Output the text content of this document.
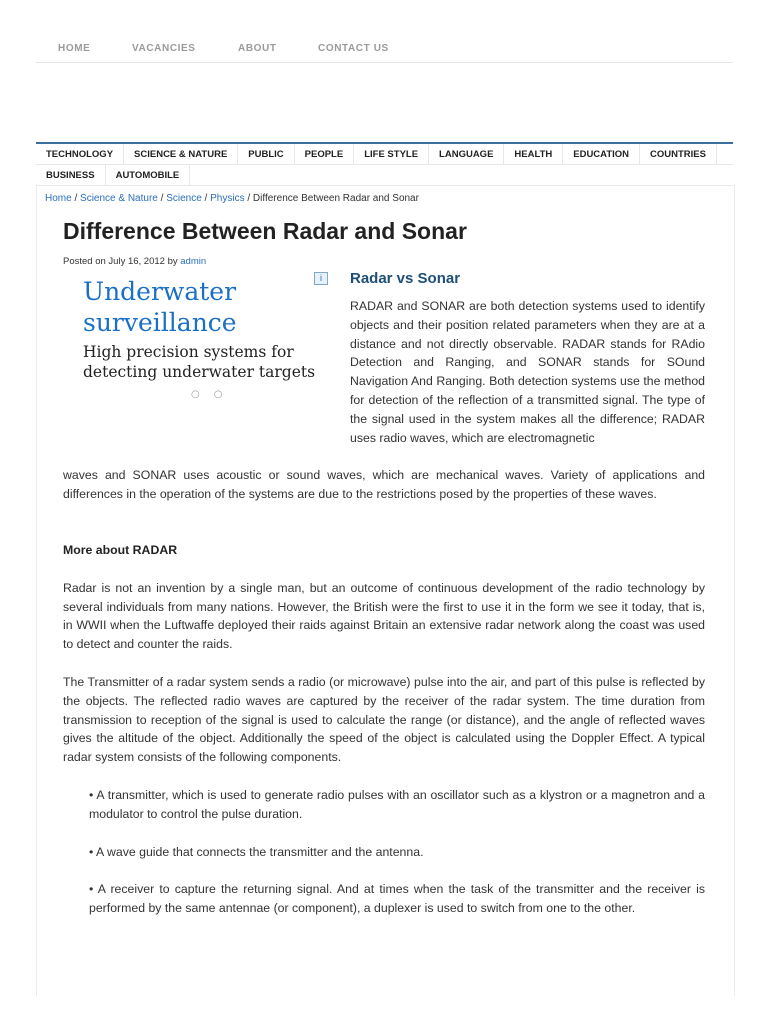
HOME	VACANCIES	ABOUT	CONTACT US
TECHNOLOGY	SCIENCE & NATURE	PUBLIC	PEOPLE	LIFE STYLE	LANGUAGE	HEALTH	EDUCATION	COUNTRIES
BUSINESS	AUTOMOBILE
Home / Science & Nature / Science / Physics / Difference Between Radar and Sonar
Difference Between Radar and Sonar
Posted on July 16, 2012 by admin
Underwater surveillance
High precision systems for detecting underwater targets
○○
i	Radar vs Sonar

RADAR and SONAR are both detection systems used to identify objects and their position related parameters when they are at a distance and not directly observable. RADAR stands for RAdio Detection and Ranging, and SONAR stands for SOund Navigation And Ranging. Both detection systems use the method for detection of the reflection of a transmitted signal. The type of the signal used in the system makes all the difference; RADAR uses radio waves, which are electromagnetic

waves and SONAR uses acoustic or sound waves, which are mechanical waves. Variety of applications and differences in the operation of the systems are due to the restrictions posed by the properties of these waves.

More about RADAR

Radar is not an invention by a single man, but an outcome of continuous development of the radio technology by several individuals from many nations. However, the British were the first to use it in the form we see it today, that is, in WWII when the Luftwaffe deployed their raids against Britain an extensive radar network along the coast was used to detect and counter the raids.

The Transmitter of a radar system sends a radio (or microwave) pulse into the air, and part of this pulse is reflected by the objects. The reflected radio waves are captured by the receiver of the radar system. The time duration from transmission to reception of the signal is used to calculate the range (or distance), and the angle of reflected waves gives the altitude of the object. Additionally the speed of the object is calculated using the Doppler Effect. A typical radar system consists of the following components.

• A transmitter, which is used to generate radio pulses with an oscillator such as a klystron or a magnetron and a modulator to control the pulse duration.

• A wave guide that connects the transmitter and the antenna.

• A receiver to capture the returning signal. And at times when the task of the transmitter and the receiver is performed by the same antennae (or component), a duplexer is used to switch from one to the other.
